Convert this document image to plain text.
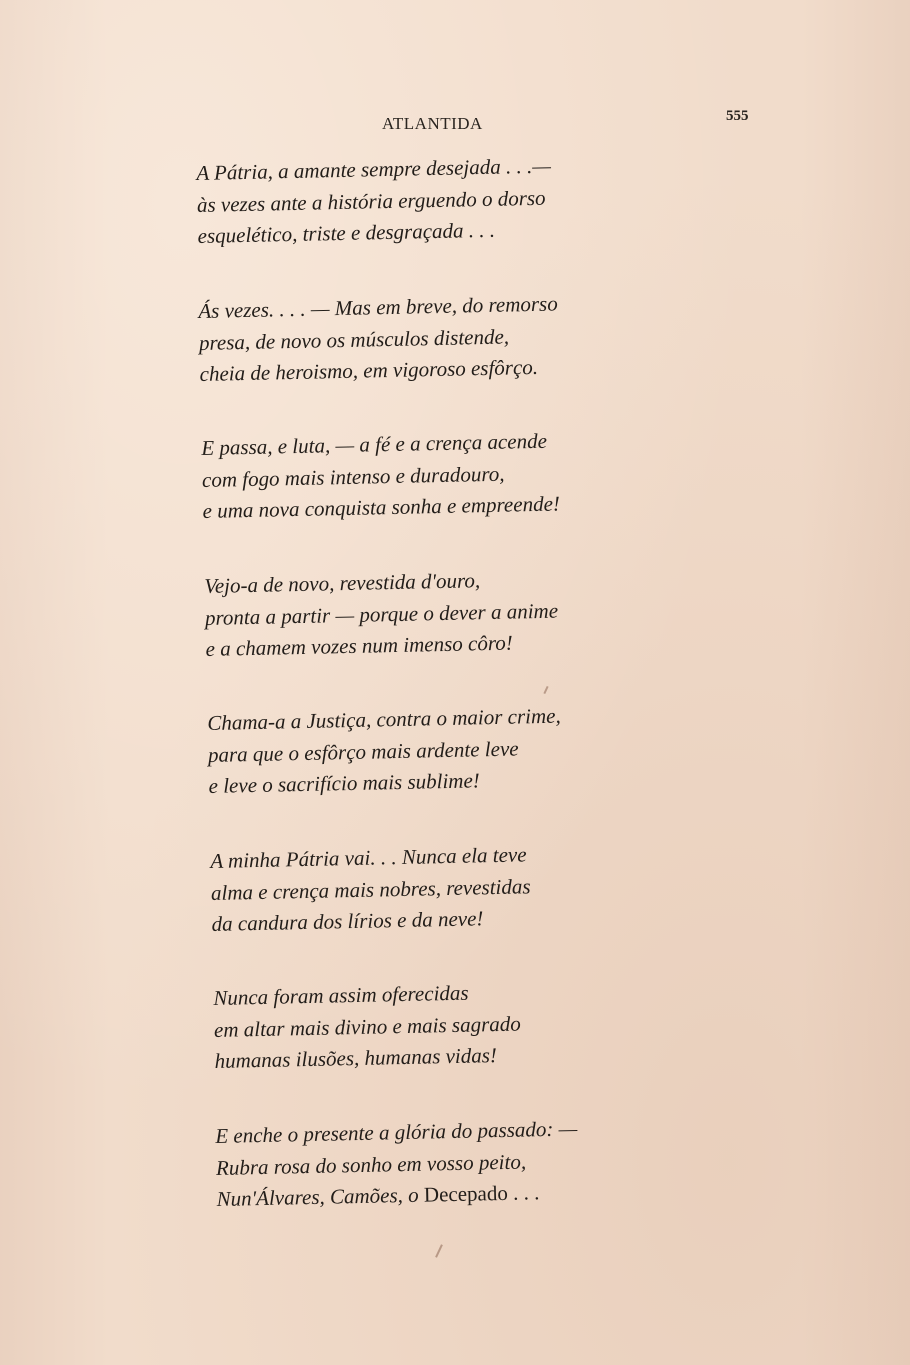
ATLANTIDA	555
A Pátria, a amante sempre desejada . . .—
às vezes ante a história erguendo o dorso
esquelético, triste e desgraçada . . .
Ás vezes. . . . — Mas em breve, do remorso
presa, de novo os músculos distende,
cheia de heroismo, em vigoroso esfôrço.
E passa, e luta, — a fé e a crença acende
com fogo mais intenso e duradouro,
e uma nova conquista sonha e empreende!
Vejo-a de novo, revestida d'ouro,
pronta a partir — porque o dever a anime
e a chamem vozes num imenso côro!
Chama-a a Justiça, contra o maior crime,
para que o esfôrço mais ardente leve
e leve o sacrifício mais sublime!
A minha Pátria vai. . . Nunca ela teve
alma e crença mais nobres, revestidas
da candura dos lírios e da neve!
Nunca foram assim oferecidas
em altar mais divino e mais sagrado
humanas ilusões, humanas vidas!
E enche o presente a glória do passado: —
Rubra rosa do sonho em vosso peito,
Nun'Álvares, Camões, o Decepado . . .
